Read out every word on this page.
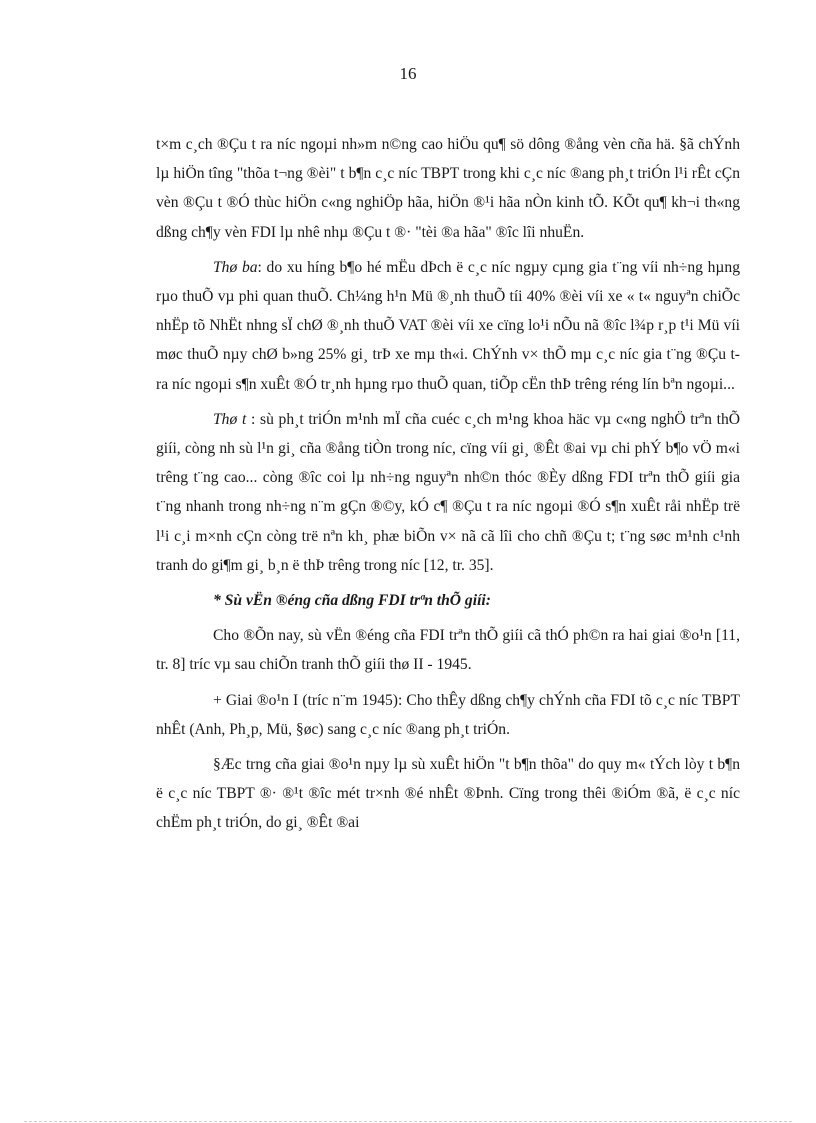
16

t×m c¸ch ®Çu t ra níc ngoµi nh»m n©ng cao hiÖu qu¶ sö dông ®ång vèn cña hä. §ã chÝnh lµ hiÖn tîng "thõa t¬ng ®èi" t b¶n c¸c níc TBPT trong khi c¸c níc ®ang ph¸t triÓn l¹i rÊt cÇn vèn ®Çu t ®Ó thùc hiÖn c«ng nghiÖp hãa, hiÖn ®¹i hãa nÒn kinh tÕ. KÕt qu¶ kh¬i th«ng dßng ch¶y vèn FDI lµ nhê nhµ ®Çu t ®· "tèi ®a hãa" ®îc lîi nhuËn.

Thø ba: do xu híng b¶o hé mËu dÞch ë c¸c níc ngµy cµng gia t¨ng víi nh÷ng hµng rµo thuÕ vµ phi quan thuÕ. Ch¼ng h¹n Mü ®¸nh thuÕ tíi 40% ®èi víi xe « t« nguyªn chiÕc nhËp tõ NhËt nhng sÏ chØ ®¸nh thuÕ VAT ®èi víi xe cïng lo¹i nÕu nã ®îc l¾p r¸p t¹i Mü víi møc thuÕ nµy chØ b»ng 25% gi¸ trÞ xe mµ th«i. ChÝnh v× thÕ mµ c¸c níc gia t¨ng ®Çu t ra níc ngoµi s¶n xuÊt ®Ó tr¸nh hµng rµo thuÕ quan, tiÕp cËn thÞ trêng réng lín bªn ngoµi...

Thø t : sù ph¸t triÓn m¹nh mÏ cña cuéc c¸ch m¹ng khoa häc vµ c«ng nghÖ trªn thÕ giíi, còng nh sù l¹n gi¸ cña ®ång tiÒn trong níc, cïng víi gi¸ ®Êt ®ai vµ chi phÝ b¶o vÖ m«i trêng t¨ng cao... còng ®îc coi lµ nh÷ng nguyªn nh©n thóc ®Èy dßng FDI trªn thÕ giíi gia t¨ng nhanh trong nh÷ng n¨m gÇn ®©y, kÓ c¶ ®Çu t ra níc ngoµi ®Ó s¶n xuÊt råi nhËp trë l¹i c¸i m×nh cÇn còng trë nªn kh¸ phæ biÕn v× nã cã lîi cho chñ ®Çu t; t¨ng søc m¹nh c¹nh tranh do gi¶m gi¸ b¸n ë thÞ trêng trong níc [12, tr. 35].

* Sù vËn ®éng cña dßng FDI trªn thÕ giíi:

Cho ®Õn nay, sù vËn ®éng cña FDI trªn thÕ giíi cã thÓ ph©n ra hai giai ®o¹n [11, tr. 8] tríc vµ sau chiÕn tranh thÕ giíi thø II - 1945.

+ Giai ®o¹n I (tríc n¨m 1945): Cho thÊy dßng ch¶y chÝnh cña FDI tõ c¸c níc TBPT nhÊt (Anh, Ph¸p, Mü, §øc) sang c¸c níc ®ang ph¸t triÓn.

§Æc trng cña giai ®o¹n nµy lµ sù xuÊt hiÖn "t b¶n thõa" do quy m« tÝch lòy t b¶n ë c¸c níc TBPT ®· ®¹t ®îc mét tr×nh ®é nhÊt ®Þnh. Cïng trong thêi ®iÓm ®ã, ë c¸c níc chËm ph¸t triÓn, do gi¸ ®Êt ®ai
